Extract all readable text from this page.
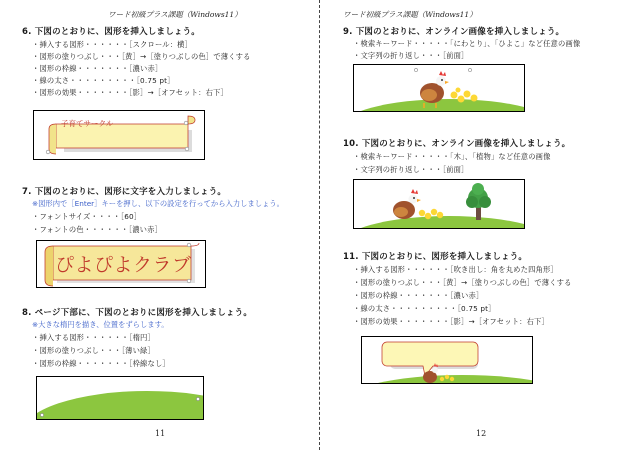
ワード初級プラス課題（Windows11）
6. 下図のとおりに、図形を挿入しましょう。
・挿入する図形・・・・・・［スクロール：横］
・図形の塗りつぶし・・・［黄］→［塗りつぶしの色］で薄くする
・図形の枠線・・・・・・・［濃い赤］
・線の太さ・・・・・・・・・［0.75 pt］
・図形の効果・・・・・・・［影］→［オフセット：右下］
子育てサークル
7. 下図のとおりに、図形に文字を入力しましょう。
※図形内で［Enter］キーを押し、以下の設定を行ってから入力しましょう。
・フォントサイズ・・・・［60］
・フォントの色・・・・・・［濃い赤］
ぴよぴよクラブ
8. ページ下部に、下図のとおりに図形を挿入しましょう。
※大きな楕円を描き、位置をずらします。
・挿入する図形・・・・・・［楕円］
・図形の塗りつぶし・・・［薄い緑］
・図形の枠線・・・・・・・［枠線なし］
11
ワード初級プラス課題（Windows11）
9. 下図のとおりに、オンライン画像を挿入しましょう。
・検索キーワード・・・・・「にわとり」、「ひよこ」など任意の画像
・文字列の折り返し・・・［前面］
10. 下図のとおりに、オンライン画像を挿入しましょう。
・検索キーワード・・・・・「木」、「植物」など任意の画像
・文字列の折り返し・・・［前面］
11. 下図のとおりに、図形を挿入しましょう。
・挿入する図形・・・・・・［吹き出し：角を丸めた四角形］
・図形の塗りつぶし・・・［黄］→［塗りつぶしの色］で薄くする
・図形の枠線・・・・・・・［濃い赤］
・線の太さ・・・・・・・・・［0.75 pt］
・図形の効果・・・・・・・［影］→［オフセット：右下］
12
